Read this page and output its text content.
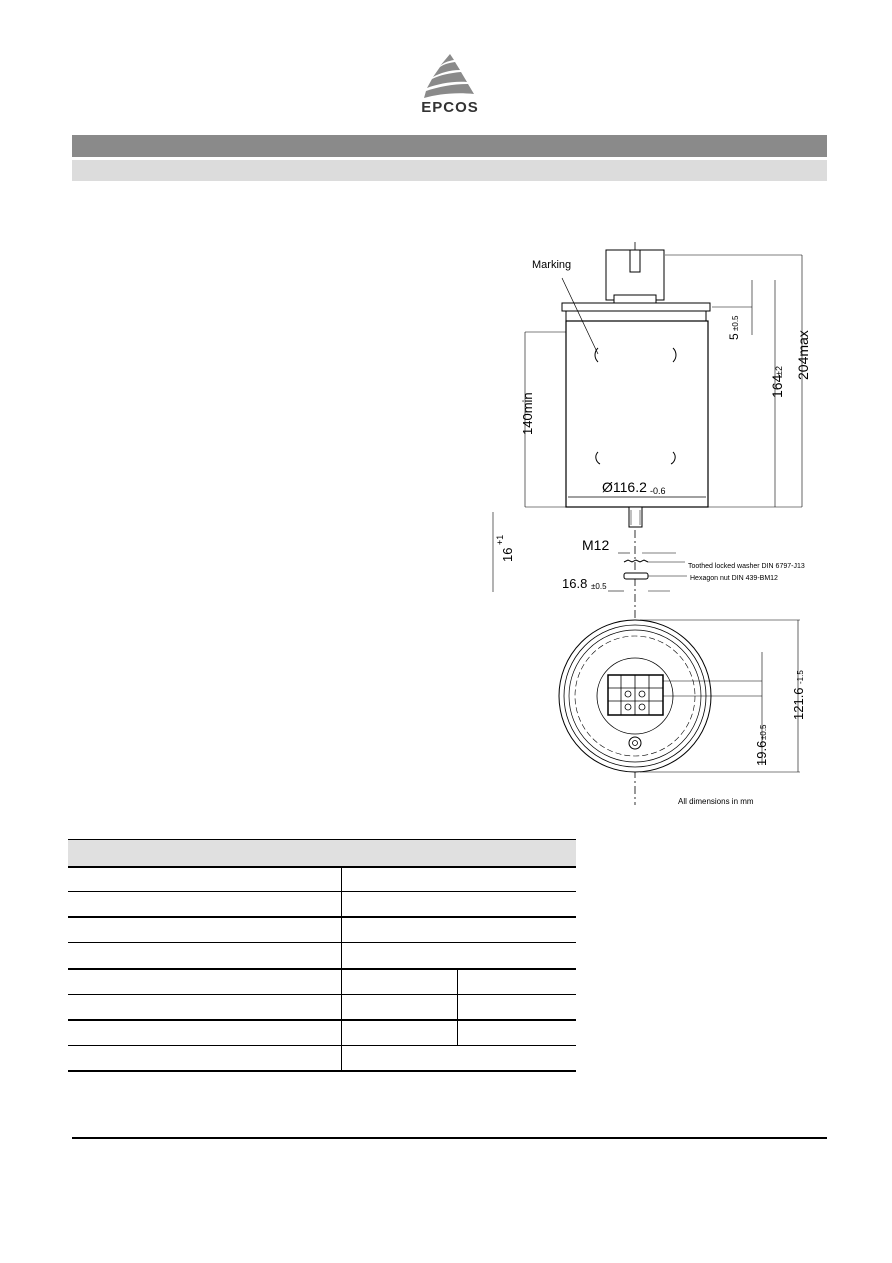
EPCOS
Marking
Ø116.2 -0.6
140min
16
+1	M12
Toothed locked washer DIN 6797-J13
Hexagon nut DIN 439-BM12
16.8 ±0.5
5
±0.5
164
±2 204max
121.6
-1.5
19.6
±0.5
All dimensions in mm
